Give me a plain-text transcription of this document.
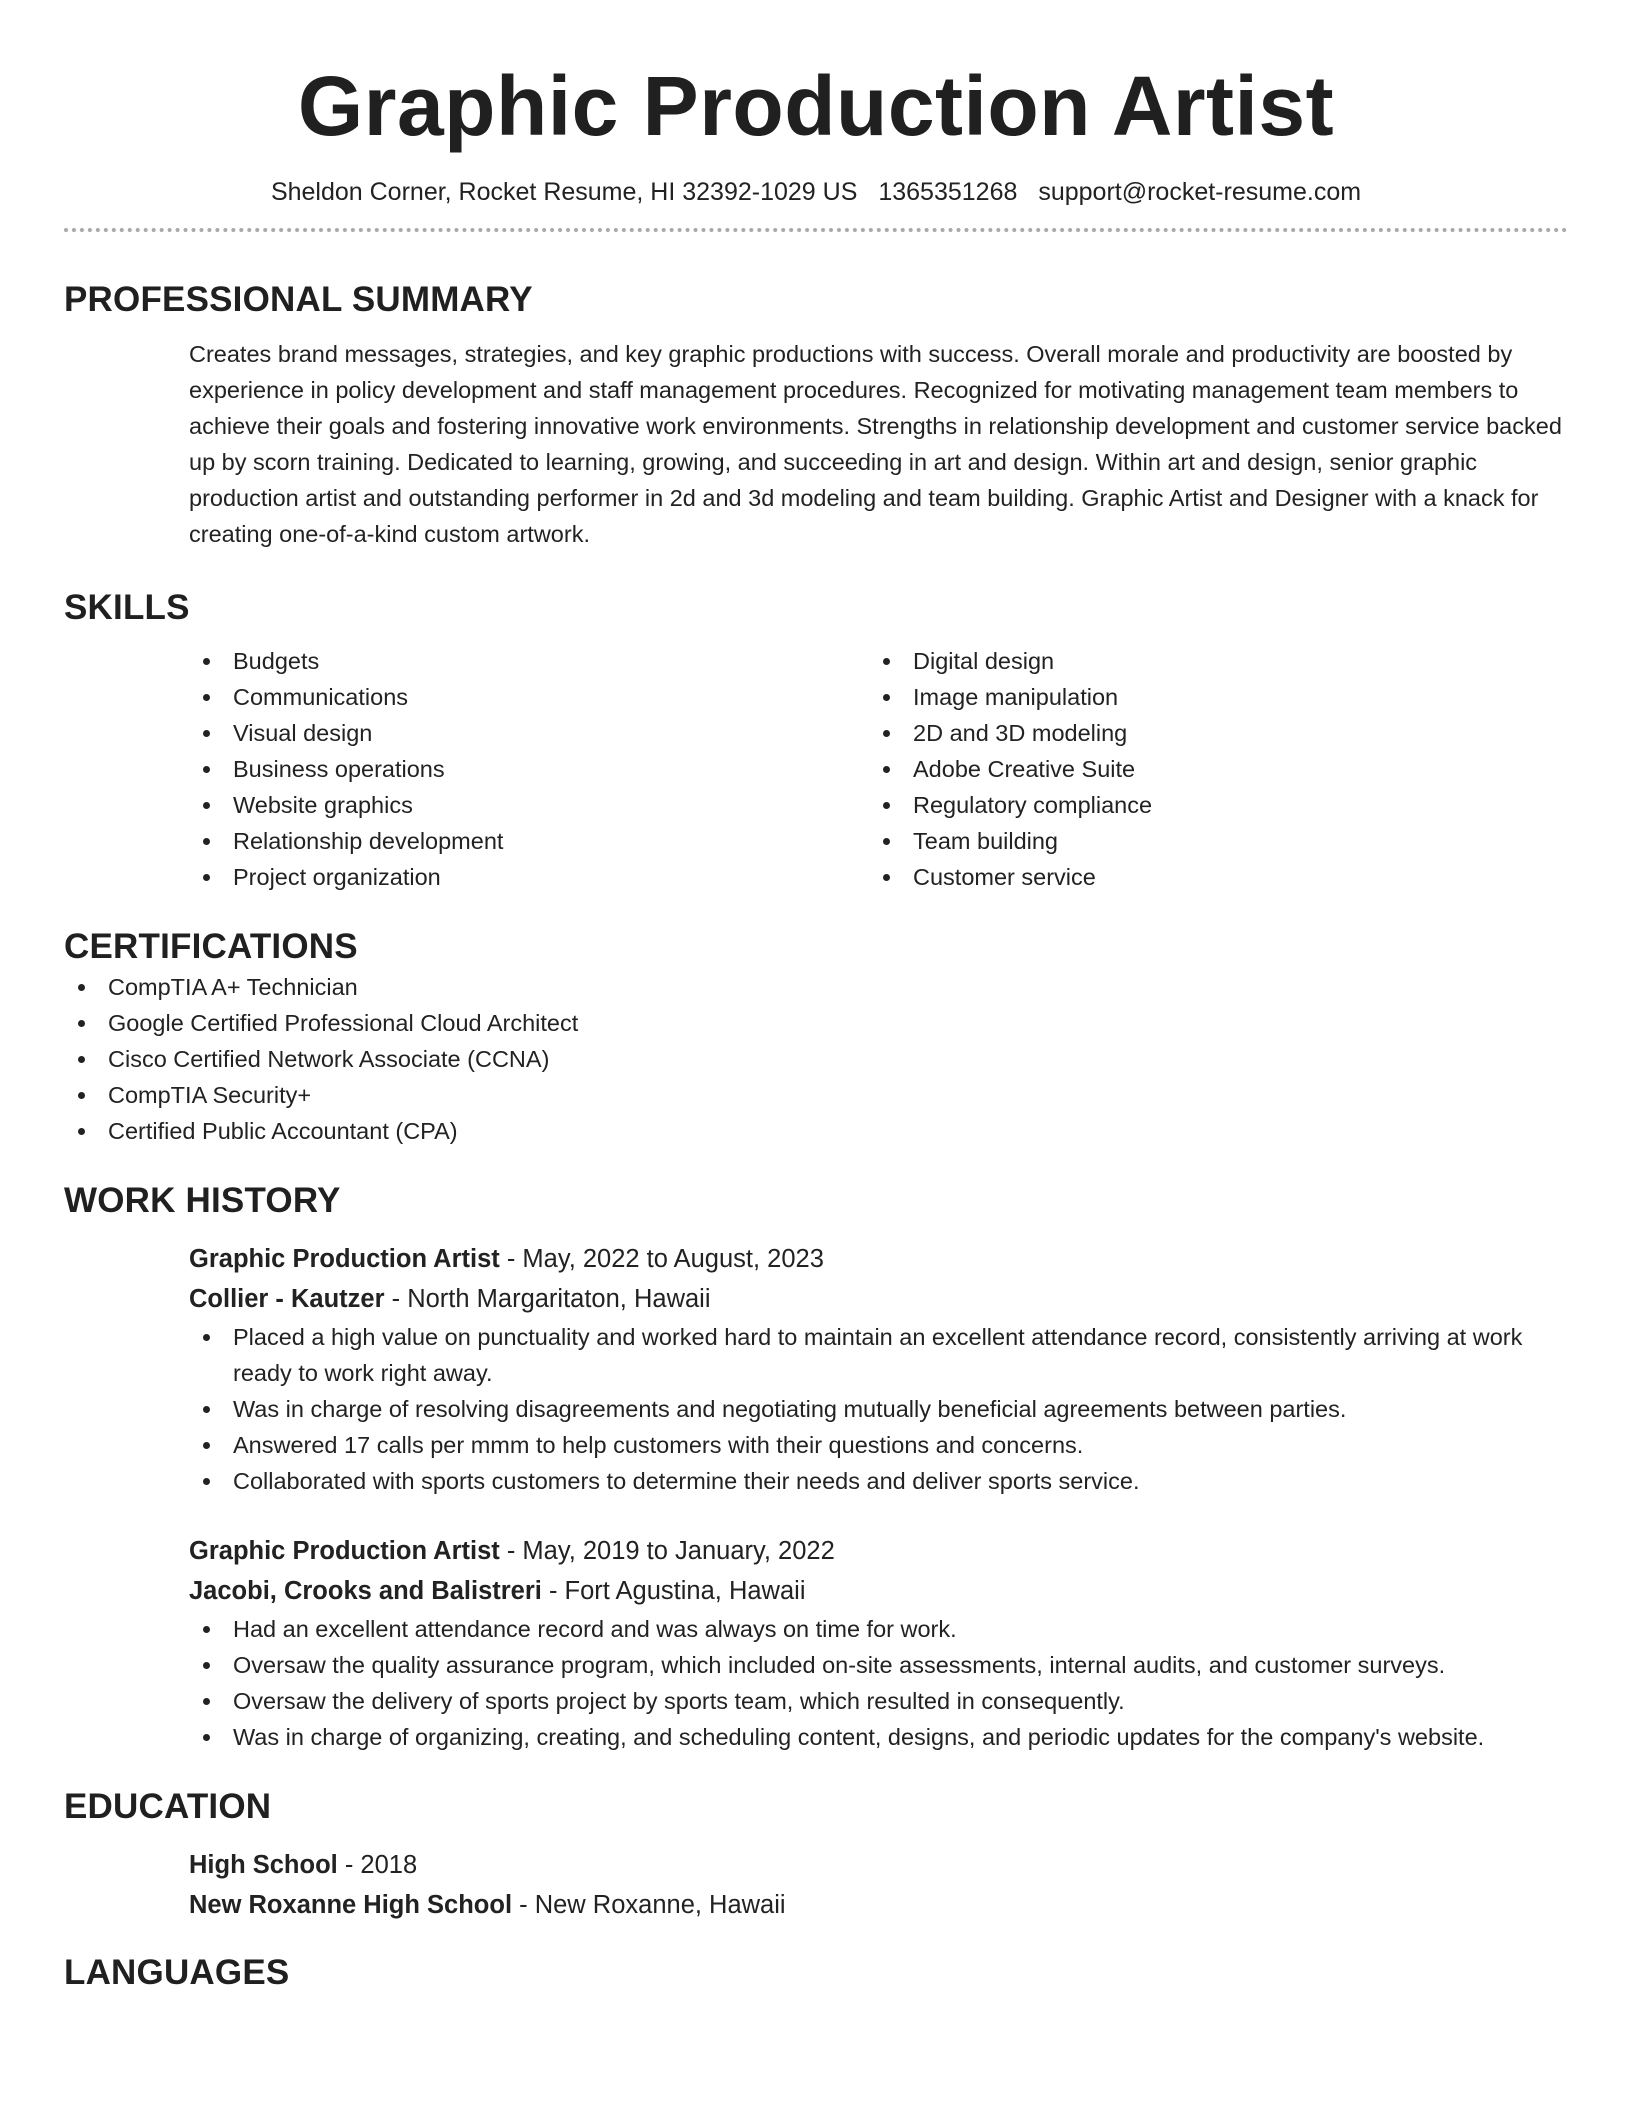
Graphic Production Artist
Sheldon Corner, Rocket Resume, HI 32392-1029 US 1365351268 support@rocket-resume.com
PROFESSIONAL SUMMARY

Creates brand messages, strategies, and key graphic productions with success. Overall morale and productivity are boosted by experience in policy development and staff management procedures. Recognized for motivating management team members to achieve their goals and fostering innovative work environments. Strengths in relationship development and customer service backed up by scorn training. Dedicated to learning, growing, and succeeding in art and design. Within art and design, senior graphic production artist and outstanding performer in 2d and 3d modeling and team building. Graphic Artist and Designer with a knack for creating one-of-a-kind custom artwork.

SKILLS
Budgets
Communications
Visual design
Business operations
Website graphics
Relationship development
Project organization
Digital design
Image manipulation
2D and 3D modeling
Adobe Creative Suite
Regulatory compliance
Team building
Customer service
CERTIFICATIONS
CompTIA A+ Technician
Google Certified Professional Cloud Architect
Cisco Certified Network Associate (CCNA)
CompTIA Security+
Certified Public Accountant (CPA)
WORK HISTORY
Graphic Production Artist - May, 2022 to August, 2023
Collier - Kautzer - North Margaritaton, Hawaii
Placed a high value on punctuality and worked hard to maintain an excellent attendance record, consistently arriving at work ready to work right away.
Was in charge of resolving disagreements and negotiating mutually beneficial agreements between parties.
Answered 17 calls per mmm to help customers with their questions and concerns.
Collaborated with sports customers to determine their needs and deliver sports service.
Graphic Production Artist - May, 2019 to January, 2022
Jacobi, Crooks and Balistreri - Fort Agustina, Hawaii
Had an excellent attendance record and was always on time for work.
Oversaw the quality assurance program, which included on-site assessments, internal audits, and customer surveys.
Oversaw the delivery of sports project by sports team, which resulted in consequently.
Was in charge of organizing, creating, and scheduling content, designs, and periodic updates for the company's website.
EDUCATION
High School - 2018
New Roxanne High School - New Roxanne, Hawaii
LANGUAGES
